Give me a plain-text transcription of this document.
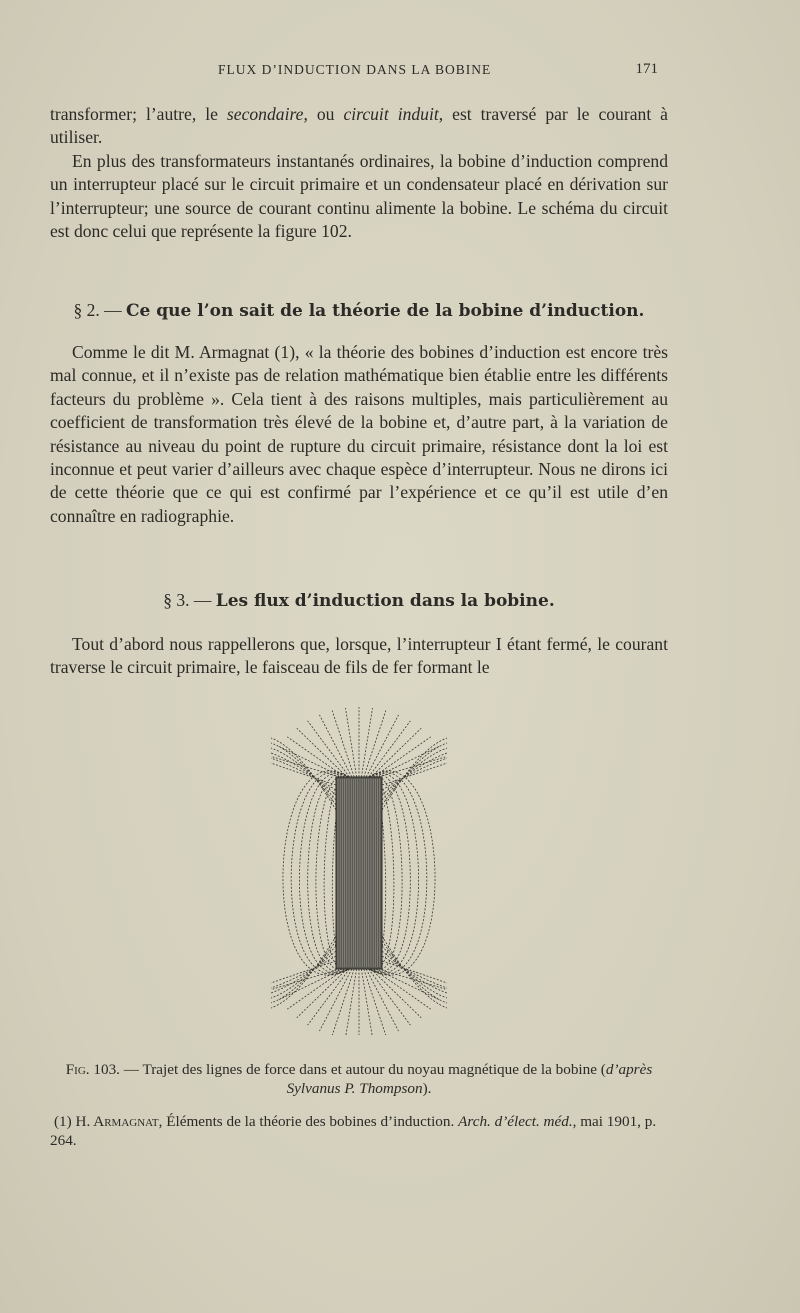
FLUX D’INDUCTION DANS LA BOBINE	171

transformer; l’autre, le secondaire, ou circuit induit, est traversé par le courant à utiliser.

En plus des transformateurs instantanés ordinaires, la bobine d’induction comprend un interrupteur placé sur le circuit primaire et un condensateur placé en dérivation sur l’interrupteur; une source de courant continu alimente la bobine. Le schéma du circuit est donc celui que représente la figure 102.

§ 2. — Ce que l’on sait de la théorie de la bobine d’induction.

Comme le dit M. Armagnat (1), « la théorie des bobines d’induction est encore très mal connue, et il n’existe pas de relation mathématique bien établie entre les différents facteurs du problème ». Cela tient à des raisons multiples, mais particulièrement au coefficient de transformation très élevé de la bobine et, d’autre part, à la variation de résistance au niveau du point de rupture du circuit primaire, résistance dont la loi est inconnue et peut varier d’ailleurs avec chaque espèce d’interrupteur. Nous ne dirons ici de cette théorie que ce qui est confirmé par l’expérience et ce qu’il est utile d’en connaître en radiographie.

§ 3. — Les flux d’induction dans la bobine.

Tout d’abord nous rappellerons que, lorsque, l’interrupteur I étant fermé, le courant traverse le circuit primaire, le faisceau de fils de fer formant le

Fig. 103. — Trajet des lignes de force dans et autour du noyau magnétique de la bobine (d’après Sylvanus P. Thompson).

(1) H. Armagnat, Éléments de la théorie des bobines d’induction. Arch. d’élect. méd., mai 1901, p. 264.
